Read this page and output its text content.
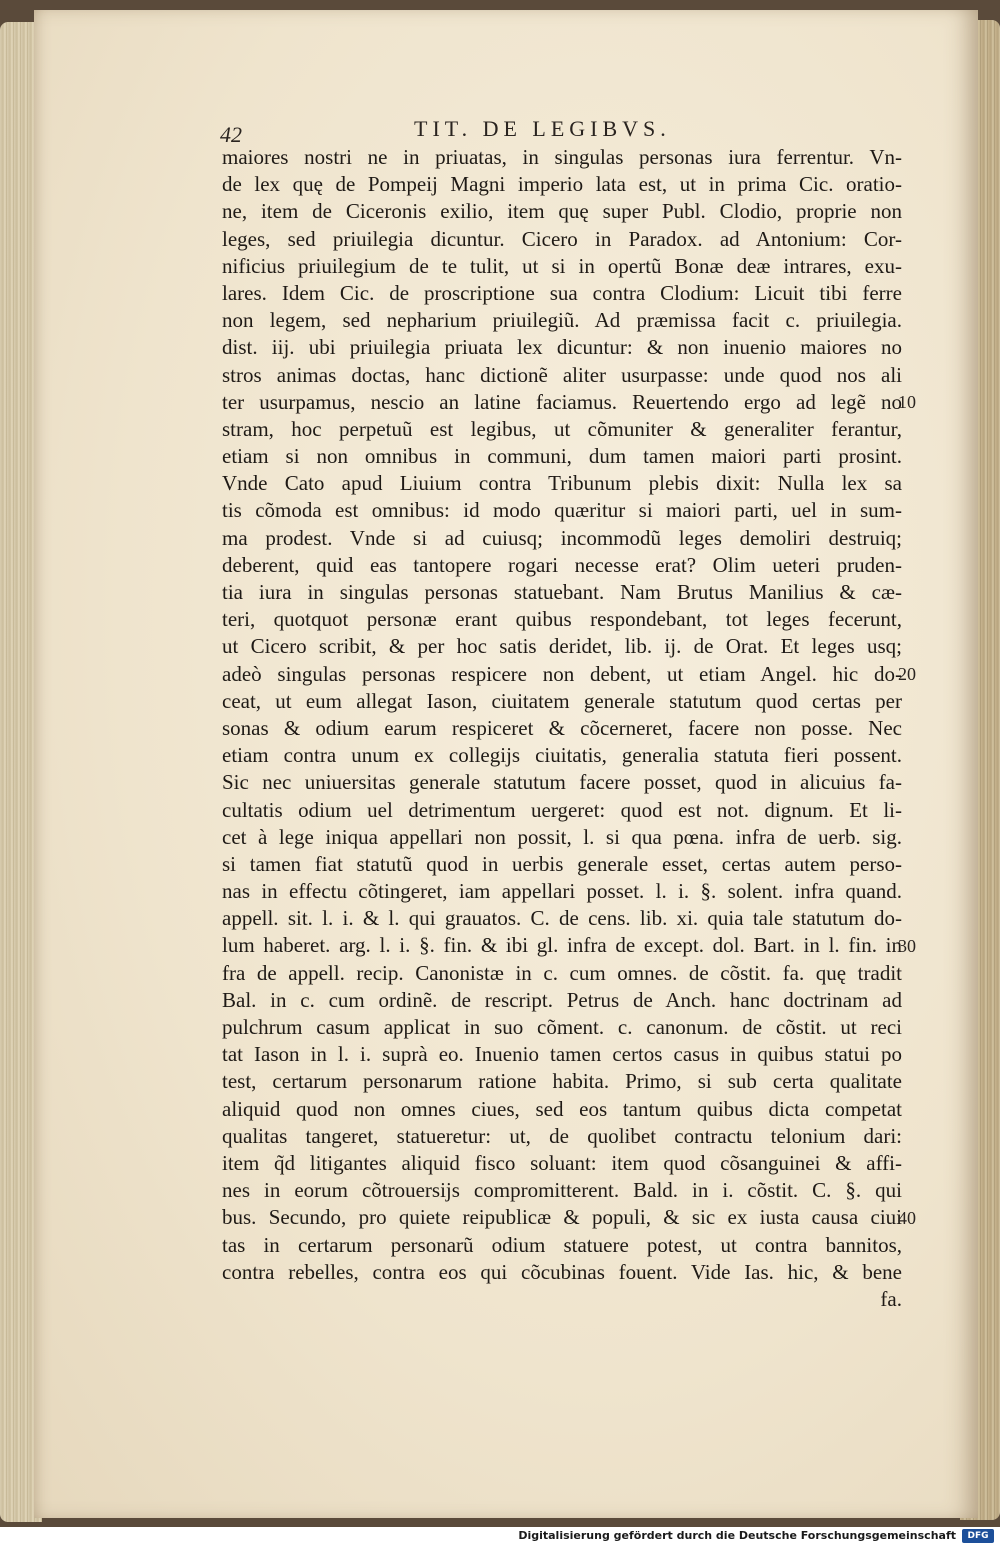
42	TIT. DE LEGIBVS.
maiores nostri ne in priuatas, in singulas personas iura ferrentur. Vn-
de lex quę de Pompeij Magni imperio lata est, ut in prima Cic. oratio-
ne, item de Ciceronis exilio, item quę super Publ. Clodio, proprie non
leges, sed priuilegia dicuntur. Cicero in Paradox. ad Antonium: Cor-
nificius priuilegium de te tulit, ut si in opertũ Bonæ deæ intrares, exu-
lares. Idem Cic. de proscriptione sua contra Clodium: Licuit tibi ferre
non legem, sed nepharium priuilegiũ. Ad præmissa facit c. priuilegia.
dist. iij. ubi priuilegia priuata lex dicuntur: & non inuenio maiores no
stros animas doctas, hanc dictionẽ aliter usurpasse: unde quod nos ali
ter usurpamus, nescio an latine faciamus. Reuertendo ergo ad legẽ no
stram, hoc perpetuũ est legibus, ut cõmuniter & generaliter ferantur,
etiam si non omnibus in communi, dum tamen maiori parti prosint.
Vnde Cato apud Liuium contra Tribunum plebis dixit: Nulla lex sa
tis cõmoda est omnibus: id modo quæritur si maiori parti, uel in sum-
ma prodest. Vnde si ad cuiusq; incommodũ leges demoliri destruiq;
deberent, quid eas tantopere rogari necesse erat? Olim ueteri pruden-
tia iura in singulas personas statuebant. Nam Brutus Manilius & cæ-
teri, quotquot personæ erant quibus respondebant, tot leges fecerunt,
ut Cicero scribit, & per hoc satis deridet, lib. ij. de Orat. Et leges usq;
adeò singulas personas respicere non debent, ut etiam Angel. hic do-
ceat, ut eum allegat Iason, ciuitatem generale statutum quod certas per
sonas & odium earum respiceret & cõcerneret, facere non posse. Nec
etiam contra unum ex collegijs ciuitatis, generalia statuta fieri possent.
Sic nec uniuersitas generale statutum facere posset, quod in alicuius fa-
cultatis odium uel detrimentum uergeret: quod est not. dignum. Et li-
cet à lege iniqua appellari non possit, l. si qua pœna. infra de uerb. sig.
si tamen fiat statutũ quod in uerbis generale esset, certas autem perso-
nas in effectu cõtingeret, iam appellari posset. l. i. §. solent. infra quand.
appell. sit. l. i. & l. qui grauatos. C. de cens. lib. xi. quia tale statutum do-
lum haberet. arg. l. i. §. fin. & ibi gl. infra de except. dol. Bart. in l. fin. in
fra de appell. recip. Canonistæ in c. cum omnes. de cõstit. fa. quę tradit
Bal. in c. cum ordinẽ. de rescript. Petrus de Anch. hanc doctrinam ad
pulchrum casum applicat in suo cõment. c. canonum. de cõstit. ut reci
tat Iason in l. i. suprà eo. Inuenio tamen certos casus in quibus statui po
test, certarum personarum ratione habita. Primo, si sub certa qualitate
aliquid quod non omnes ciues, sed eos tantum quibus dicta competat
qualitas tangeret, statueretur: ut, de quolibet contractu telonium dari:
item q̃d litigantes aliquid fisco soluant: item quod cõsanguinei & affi-
nes in eorum cõtrouersijs compromitterent. Bald. in i. cõstit. C. §. qui
bus. Secundo, pro quiete reipublicæ & populi, & sic ex iusta causa ciui
tas in certarum personarũ odium statuere potest, ut contra bannitos,
contra rebelles, contra eos qui cõcubinas fouent. Vide Ias. hic, & bene
fa.
10
20
30
40
Digitalisierung gefördert durch die Deutsche Forschungsgemeinschaft	DFG
